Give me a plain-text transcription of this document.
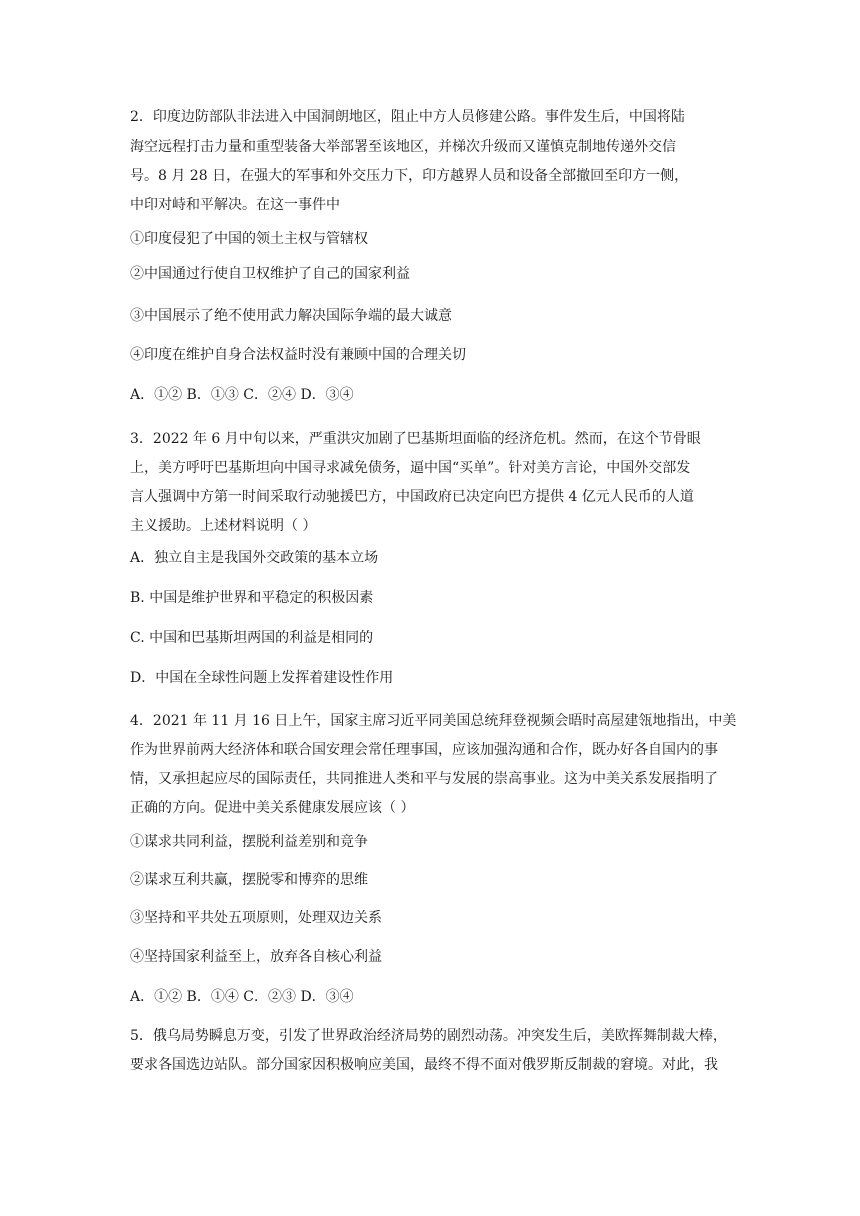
2．印度边防部队非法进入中国洞朗地区，阻止中方人员修建公路。事件发生后，中国将陆

海空远程打击力量和重型装备大举部署至该地区，并梯次升级而又谨慎克制地传递外交信

号。8 月 28 日，在强大的军事和外交压力下，印方越界人员和设备全部撤回至印方一侧，

中印对峙和平解决。在这一事件中

①印度侵犯了中国的领土主权与管辖权

②中国通过行使自卫权维护了自己的国家利益

③中国展示了绝不使用武力解决国际争端的最大诚意

④印度在维护自身合法权益时没有兼顾中国的合理关切

A．①② B．①③ C．②④ D．③④

3．2022 年 6 月中旬以来，严重洪灾加剧了巴基斯坦面临的经济危机。然而，在这个节骨眼

上，美方呼吁巴基斯坦向中国寻求减免债务，逼中国“买单”。针对美方言论，中国外交部发

言人强调中方第一时间采取行动驰援巴方，中国政府已决定向巴方提供 4 亿元人民币的人道

主义援助。上述材料说明（ ）

A．独立自主是我国外交政策的基本立场

B. 中国是维护世界和平稳定的积极因素

C. 中国和巴基斯坦两国的利益是相同的

D．中国在全球性问题上发挥着建设性作用

4．2021 年 11 月 16 日上午，国家主席习近平同美国总统拜登视频会晤时高屋建瓴地指出，中美

作为世界前两大经济体和联合国安理会常任理事国，应该加强沟通和合作，既办好各自国内的事

情，又承担起应尽的国际责任，共同推进人类和平与发展的崇高事业。这为中美关系发展指明了

正确的方向。促进中美关系健康发展应该（ ）

①谋求共同利益，摆脱利益差别和竞争

②谋求互利共赢，摆脱零和博弈的思维

③坚持和平共处五项原则，处理双边关系

④坚持国家利益至上，放弃各自核心利益

A．①② B．①④ C．②③ D．③④

5．俄乌局势瞬息万变，引发了世界政治经济局势的剧烈动荡。冲突发生后，美欧挥舞制裁大棒，

要求各国选边站队。部分国家因积极响应美国，最终不得不面对俄罗斯反制裁的窘境。对此，我
